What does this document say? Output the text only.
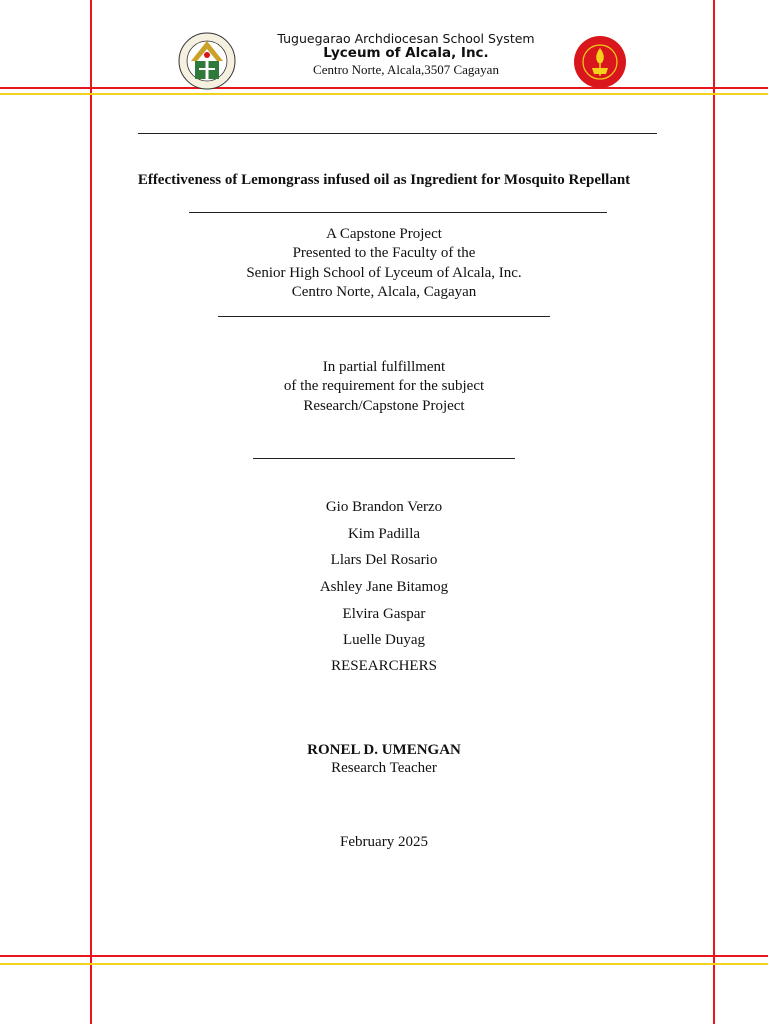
Tuguegarao Archdiocesan School System
Lyceum of Alcala, Inc.
Centro Norte, Alcala,3507 Cagayan
Effectiveness of Lemongrass infused oil as Ingredient for Mosquito Repellant
A Capstone Project
Presented to the Faculty of the
Senior High School of Lyceum of Alcala, Inc.
Centro Norte, Alcala, Cagayan
In partial fulfillment
of the requirement for the subject
Research/Capstone Project
Gio Brandon Verzo
Kim Padilla
Llars Del Rosario
Ashley Jane Bitamog
Elvira Gaspar
Luelle Duyag
RESEARCHERS
RONEL D. UMENGAN
Research Teacher
February 2025
